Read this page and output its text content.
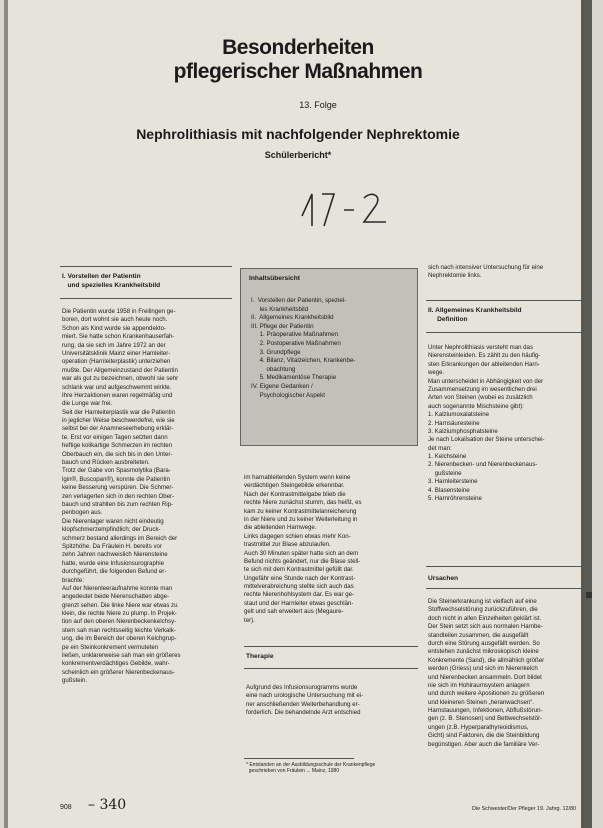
Besonderheiten
pflegerischer Maßnahmen
13. Folge
Nephrolithiasis mit nachfolgender Nephrektomie
Schülerbericht*
I. Vorstellen der Patientin
und spezielles Krankheitsbild
Die Patientin wurde 1958 in Freilingen ge-
boren, dort wohnt sie auch heute noch.
Schon als Kind wurde sie appendekto-
miert. Sie hatte schon Krankenhauserfah-
rung, da sie sich im Jahre 1972 an der
Universitätsklinik Mainz einer Hamleiter-
operation (Harnleiterplastik) unterziehen
mußte. Der Allgemeinzustand der Patientin
war als gut zu bezeichnen, obwohl sie sehr
schlank war und aufgeschwemmt wirkte.
Ihre Herzaktionen waren regelmäßig und
die Lunge war frei.
Seit der Harnleiterplastik war die Patientin
in jeglicher Weise beschwerdefrei, wie sie
selbst bei der Anamneseerhebung erklär-
te. Erst vor einigen Tagen setzten dann
heftige kolikartige Schmerzen im rechten
Oberbauch ein, die sich bis in den Unter-
bauch und Rücken ausbreiteten.
Trotz der Gabe von Spasmolytika (Bara-
lgin®, Buscopan®), konnte die Patientin
keine Besserung verspüren. Die Schmer-
zen verlagerten sich in den rechten Ober-
bauch und strahlten bis zum rechten Rip-
penbogen aus.
Die Nierenlager waren nicht eindeutig
klopfschmerzempfindlich; der Druck-
schmerz bestand allerdings im Bereich der
Spitzhöhe. Da Fräulein H. bereits vor
zehn Jahren nachweislich Nierensteine
hatte, wurde eine Infusionsurographie
durchgeführt, die folgenden Befund er-
brachte:
Auf der Nierenleeraufnahme konnte man
angedeutet beide Nierenschatten abge-
grenzt sehen. Die linke Niere war etwas zu
klein, die rechte Niere zu plump. In Projek-
tion auf den oberen Nierenbeckenkelchsy-
stem sah man rechtsseitig leichte Verkalk-
ung, die im Bereich der oberen Kelchgrup-
pe ein Steinkonkrement vermuteten
ließen, unklarerweise sah man ein größeres
konkrementverdächtiges Gebilde, wahr-
scheinlich ein größerer Nierenbeckenaus-
gußstein.
Inhaltsübersicht
I.  Vorstellen der Patientin, speziel-
les Krankheitsbild
II.  Allgemeines Krankheitsbild
III. Pflege der Patientin
1. Präoperative Maßnahmen
2. Postoperative Maßnahmen
3. Grundpflege
4. Bilanz, Vitalzeichen, Krankenbe-
obachtung
5. Medikamentöse Therapie
IV. Eigene Gedanken /
Psychologischer Aspekt
im harnableitenden System wenn keine
verdächtigen Steingebilde erkennbar.
Nach der Kontrastmittelgabe blieb die
rechte Niere zunächst stumm, das heißt, es
kam zu keiner Kontrastmittelanreicherung
in der Niere und zu keiner Weiterleitung in
die ableitenden Harnwege.
Links dagegen schien etwas mehr Kon-
trastmittel zur Blase abzulaufen.
Auch 30 Minuten später hatte sich an dem
Befund nichts geändert, nur die Blase stell-
te sich mit dem Kontrastmittel gefüllt dar.
Ungefähr eine Stunde nach der Kontrast-
mittelverabreichung stellte sich auch das
rechte Nierenhohlsystem dar. Es war ge-
staut und der Harnleiter etwas geschlän-
gelt und sah erweitert aus (Megaure-
ter).
Therapie
Aufgrund des Infusionsurogramms wurde
eine nach urologische Untersuchung mit ei-
ner anschließenden Weiterbehandlung er-
forderlich. Die behandelnde Arzt entschied
* Entstanden an der Ausbildungsschule der Krankenpflege
geschrieben von Fräulein ... Mainz, 1980
sich nach intensiver Untersuchung für eine
Nephrektomie links.
II. Allgemeines Krankheitsbild
Definition
Unter Nephrolithiasis versteht man das
Nierensteinleiden. Es zählt zu den häufig-
sten Erkrankungen der ableitenden Harn-
wege.
Man unterscheidet in Abhängigkeit von der
Zusammensetzung im wesentlichen drei
Arten von Steinen (wobei es zusätzlich
auch sogenannte Mischsteine gibt):
1. Kalziumoxalatsteine
2. Harnsäuresteine
3. Kalziumphosphatsteine
Je nach Lokalisation der Steine unterschei-
det man:
1. Kelchsteine
2. Nierenbecken- und Nierenbeckenaus-
gußsteine
3. Harnleitersteine
4. Blasensteine
5. Harnröhrensteine
Ursachen
Die Steinerkrankung ist vielfach auf eine
Stoffwechselstörung zurückzuführen, die
doch nicht in allen Einzelheiten geklärt ist.
Der Stein setzt sich aus normalen Harnbe-
standteilen zusammen, die ausgefällt
durch eine Störung ausgefällt werden. So
entstehen zunächst mikroskopisch kleine
Konkremente (Sand), die allmählich größer
werden (Griess) und sich im Nierenkelch
und Nierenbecken ansammeln. Dort bildet
nie sich im Hohlraumsystem anlagern
und durch weitere Apositionen zu größeren
und kleineren Steinen „heranwachsen“.
Harnstauungen, Infektionen, Abflußstörun-
gen (z. B. Stenosen) und Bettwechselstör-
ungen (z.B. Hyperparathyreoidismus,
Gicht) sind Faktoren, die die Steinbildung
begünstigen. Aber auch die familiäre Ver-
908 – 340	Die Schwester/Der Pfleger 19. Jahrg. 12/80
